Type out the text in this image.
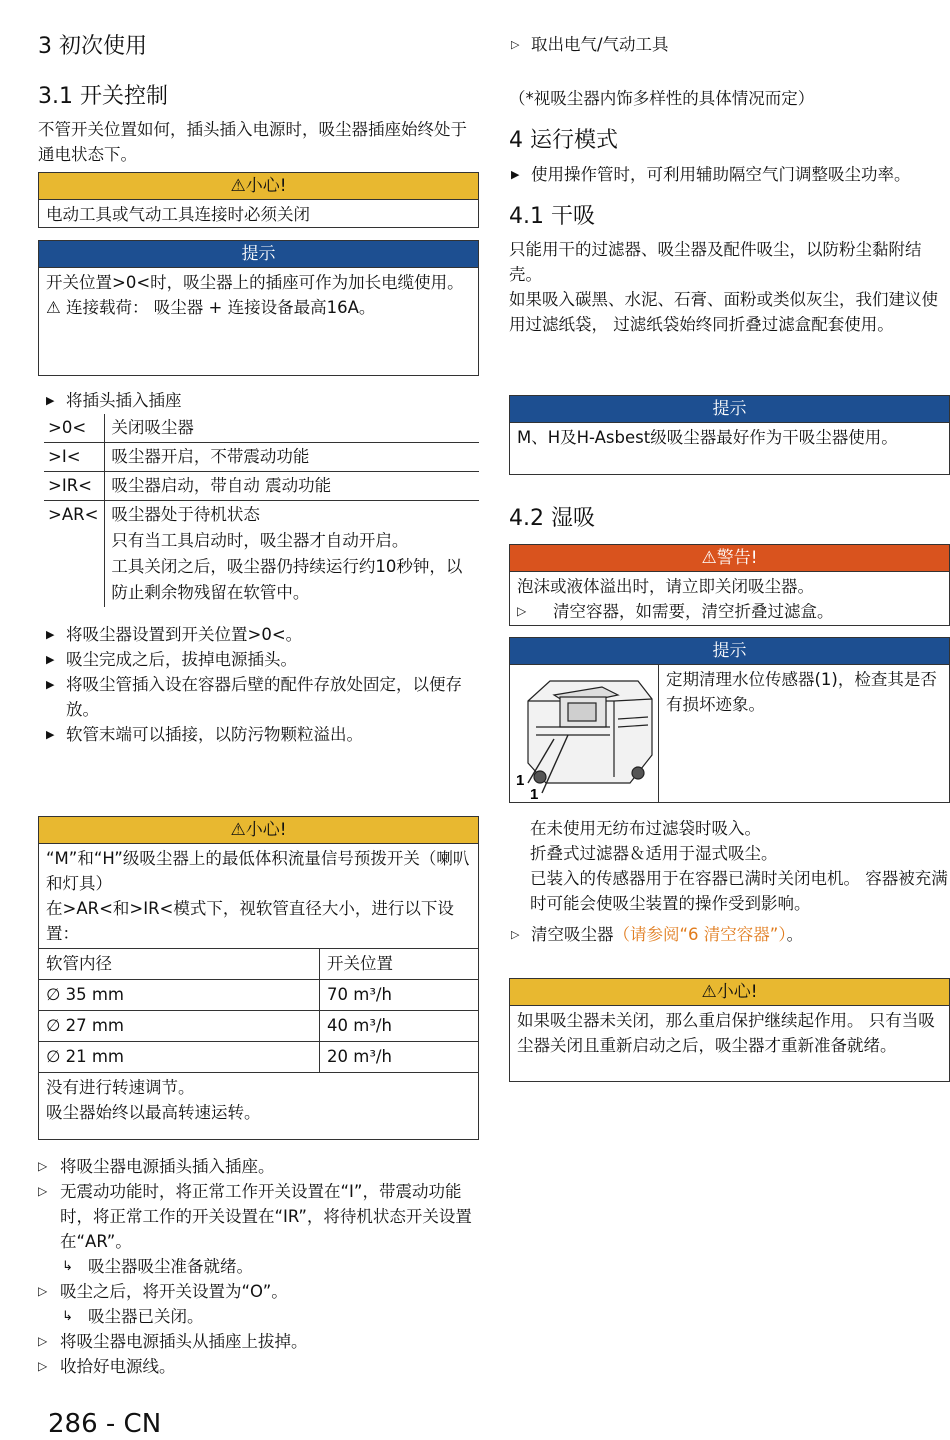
3 初次使用
3.1 开关控制
不管开关位置如何，插头插入电源时，吸尘器插座始终处于通电状态下。
⚠小心!
电动工具或气动工具连接时必须关闭
提示
开关位置>0<时，吸尘器上的插座可作为加长电缆使用。
⚠ 连接载荷： 吸尘器 + 连接设备最高16A。
▶ 将插头插入插座
>0<	关闭吸尘器

>I<	吸尘器开启，不带震动功能

>IR<	吸尘器启动，带自动 震动功能

>AR<	吸尘器处于待机状态
只有当工具启动时，吸尘器才自动开启。
工具关闭之后，吸尘器仍持续运行约10秒钟，以防止剩余物残留在软管中。
▶ 将吸尘器设置到开关位置>0<。
▶ 吸尘完成之后，拔掉电源插头。
▶ 将吸尘管插入设在容器后壁的配件存放处固定，以便存放。
▶ 软管末端可以插接，以防污物颗粒溢出。
⚠小心!
“M”和“H”级吸尘器上的最低体积流量信号预拨开关（喇叭和灯具）
在>AR<和>IR<模式下，视软管直径大小，进行以下设置：
软管内径	开关位置
∅ 35 mm	70 m³/h
∅ 27 mm	40 m³/h
∅ 21 mm	20 m³/h
没有进行转速调节。
吸尘器始终以最高转速运转。
▷ 将吸尘器电源插头插入插座。
▷ 无震动功能时，将正常工作开关设置在“I”，带震动功能时，将正常工作的开关设置在“IR”，将待机状态开关设置在“AR”。
↳ 吸尘器吸尘准备就绪。
▷ 吸尘之后，将开关设置为“O”。
↳ 吸尘器已关闭。
▷ 将吸尘器电源插头从插座上拔掉。
▷ 收拾好电源线。
286 - CN
▷ 取出电气/气动工具
（*视吸尘器内饰多样性的具体情况而定）
4 运行模式
▶ 使用操作管时，可利用辅助隔空气门调整吸尘功率。
4.1 干吸
只能用干的过滤器、吸尘器及配件吸尘，以防粉尘黏附结壳。
如果吸入碳黑、水泥、石膏、面粉或类似灰尘，我们建议使用过滤纸袋， 过滤纸袋始终同折叠过滤盒配套使用。
提示
M、H及H-Asbest级吸尘器最好作为干吸尘器使用。
4.2 湿吸
⚠警告!
泡沫或液体溢出时，请立即关闭吸尘器。
▷ 清空容器，如需要，清空折叠过滤盒。
提示
1
1
定期清理水位传感器(1)，检查其是否有损坏迹象。
在未使用无纺布过滤袋时吸入。
折叠式过滤器＆适用于湿式吸尘。
已装入的传感器用于在容器已满时关闭电机。 容器被充满时可能会使吸尘装置的操作受到影响。
▷ 清空吸尘器（请参阅“6 清空容器”）。
⚠小心!
如果吸尘器未关闭，那么重启保护继续起作用。 只有当吸尘器关闭且重新启动之后，吸尘器才重新准备就绪。
